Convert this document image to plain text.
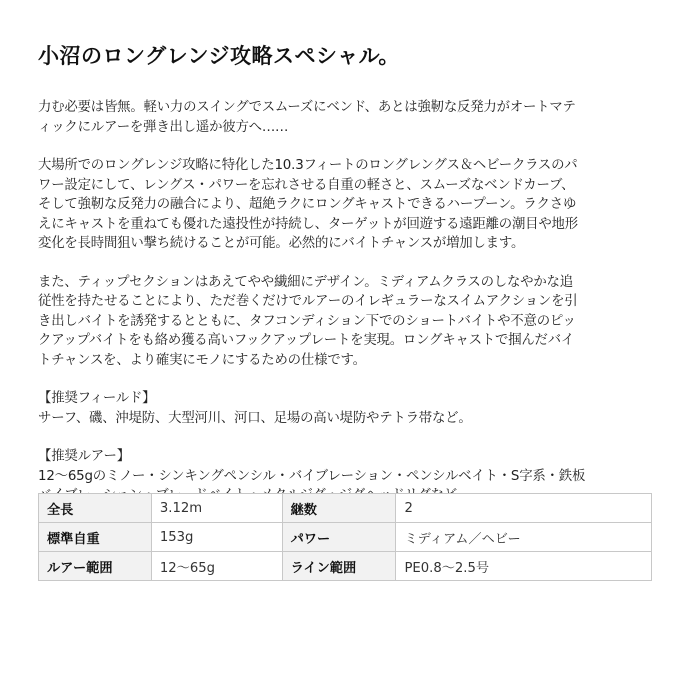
小沼のロングレンジ攻略スペシャル。
力む必要は皆無。軽い力のスイングでスムーズにベンド、あとは強靭な反発力がオートマテ
ィックにルアーを弾き出し遥か彼方へ……
大場所でのロングレンジ攻略に特化した10.3フィートのロングレングス＆ヘビークラスのパ
ワー設定にして、レングス・パワーを忘れさせる自重の軽さと、スムーズなベンドカーブ、
そして強靭な反発力の融合により、超絶ラクにロングキャストできるハープーン。ラクさゆ
えにキャストを重ねても優れた遠投性が持続し、ターゲットが回遊する遠距離の潮目や地形
変化を長時間狙い撃ち続けることが可能。必然的にバイトチャンスが増加します。
また、ティップセクションはあえてやや繊細にデザイン。ミディアムクラスのしなやかな追
従性を持たせることにより、ただ巻くだけでルアーのイレギュラーなスイムアクションを引
き出しバイトを誘発するとともに、タフコンディション下でのショートバイトや不意のピッ
クアップバイトをも絡め獲る高いフックアップレートを実現。ロングキャストで掴んだバイ
トチャンスを、より確実にモノにするための仕様です。
【推奨フィールド】
サーフ、磯、沖堤防、大型河川、河口、足場の高い堤防やテトラ帯など。
【推奨ルアー】
12〜65gのミノー・シンキングペンシル・バイブレーション・ペンシルベイト・S字系・鉄板
全長	3.12m	継数	2
標準自重	153g	パワー	ミディアム／ヘビー
ルアー範囲	12〜65g	ライン範囲	PE0.8〜2.5号
